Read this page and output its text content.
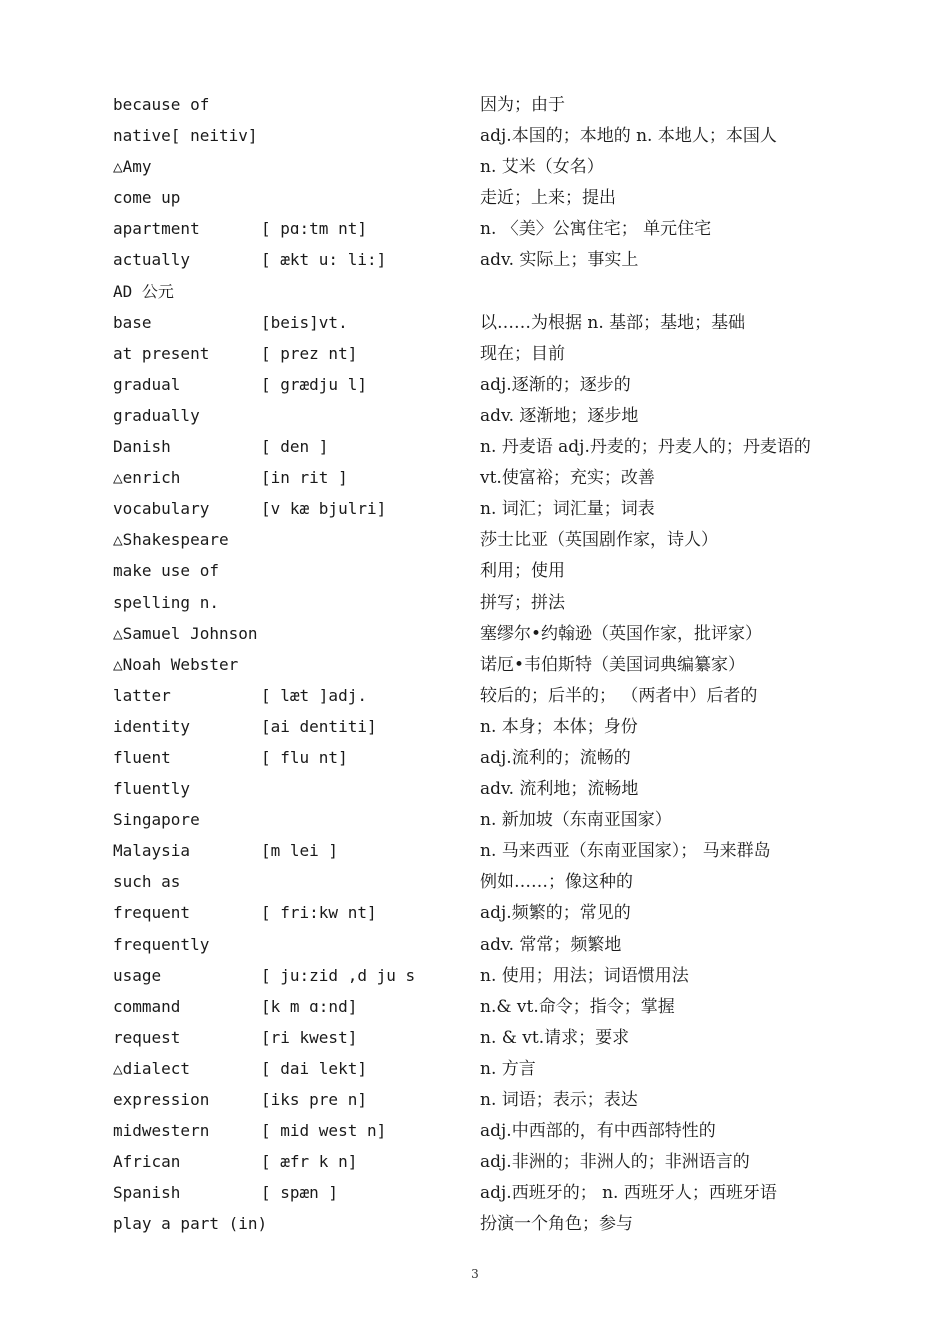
because of	因为；由于
native[ neitiv]	adj.本国的；本地的 n. 本地人；本国人
△Amy	n. 艾米（女名）
come up	走近；上来；提出
apartment	[ pɑ:tm nt]	n. 〈美〉公寓住宅； 单元住宅
actually	[ ækt u: li:]	adv. 实际上；事实上
AD 公元
base	[beis]vt.	以……为根据 n. 基部；基地；基础
at present	[ prez nt]	现在；目前
gradual	[ grædju l]	adj.逐渐的；逐步的
gradually	adv. 逐渐地；逐步地
Danish	[ den ]	n. 丹麦语 adj.丹麦的；丹麦人的；丹麦语的
△enrich	[in rit ]	vt.使富裕；充实；改善
vocabulary	[v kæ bjulri]	n. 词汇；词汇量；词表
△Shakespeare	莎士比亚（英国剧作家，诗人）
make use of	利用；使用
spelling n.	拼写；拼法
△Samuel Johnson	塞缪尔•约翰逊（英国作家，批评家）
△Noah Webster	诺厄•韦伯斯特（美国词典编纂家）
latter	[ læt ]adj.	较后的；后半的； （两者中）后者的
identity	[ai dentiti]	n. 本身；本体；身份
fluent	[ flu nt]	adj.流利的；流畅的
fluently	adv. 流利地；流畅地
Singapore	n. 新加坡（东南亚国家）
Malaysia	[m lei ]	n. 马来西亚（东南亚国家）； 马来群岛
such as	例如……；像这种的
frequent	[ fri:kw nt]	adj.频繁的；常见的
frequently	adv. 常常；频繁地
usage	[ ju:zid ,d ju s	n. 使用；用法；词语惯用法
command	[k m ɑ:nd]	n.& vt.命令；指令；掌握
request	[ri kwest]	n. & vt.请求；要求
△dialect	[ dai lekt]	n. 方言
expression	[iks pre n]	n. 词语；表示；表达
midwestern	[ mid west n]	adj.中西部的，有中西部特性的
African	[ æfr k n]	adj.非洲的；非洲人的；非洲语言的
Spanish	[ spæn ]	adj.西班牙的； n. 西班牙人；西班牙语
play a part (in)	扮演一个角色；参与
3
